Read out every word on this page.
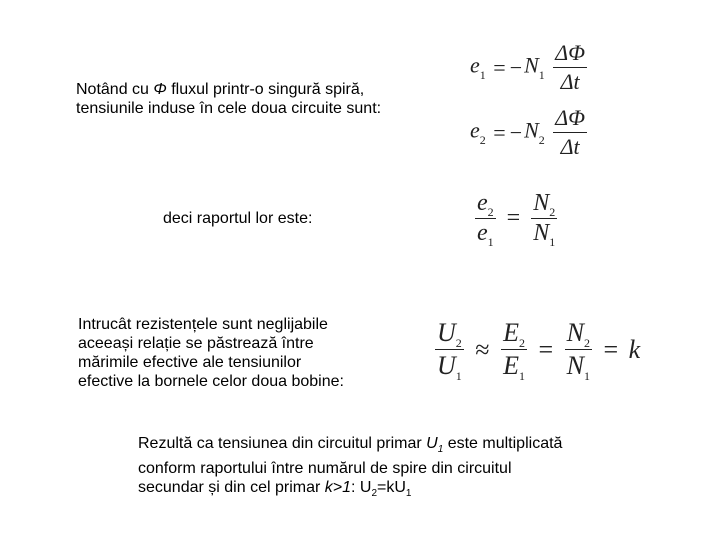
Notând cu Φ fluxul printr-o singură spiră,
tensiunile induse în cele doua circuite sunt:
$e_1 = -N_1 \frac{\Delta\Phi}{\Delta t}$
$e_2 = -N_2 \frac{\Delta\Phi}{\Delta t}$
deci raportul lor este:	$\frac{e_2}{e_1} = \frac{N_2}{N_1}$
Intrucât rezistențele sunt neglijabile
aceeași relație se păstrează între
mărimile efective ale tensiunilor
efective la bornele celor doua bobine:
$\frac{U_2}{U_1} \approx \frac{E_2}{E_1} = \frac{N_2}{N_1} = k$
Rezultă ca tensiunea din circuitul primar $U_1$ este multiplicată
conform raportului între numărul de spire din circuitul
secundar și din cel primar k>1: $U_2=kU_1$
